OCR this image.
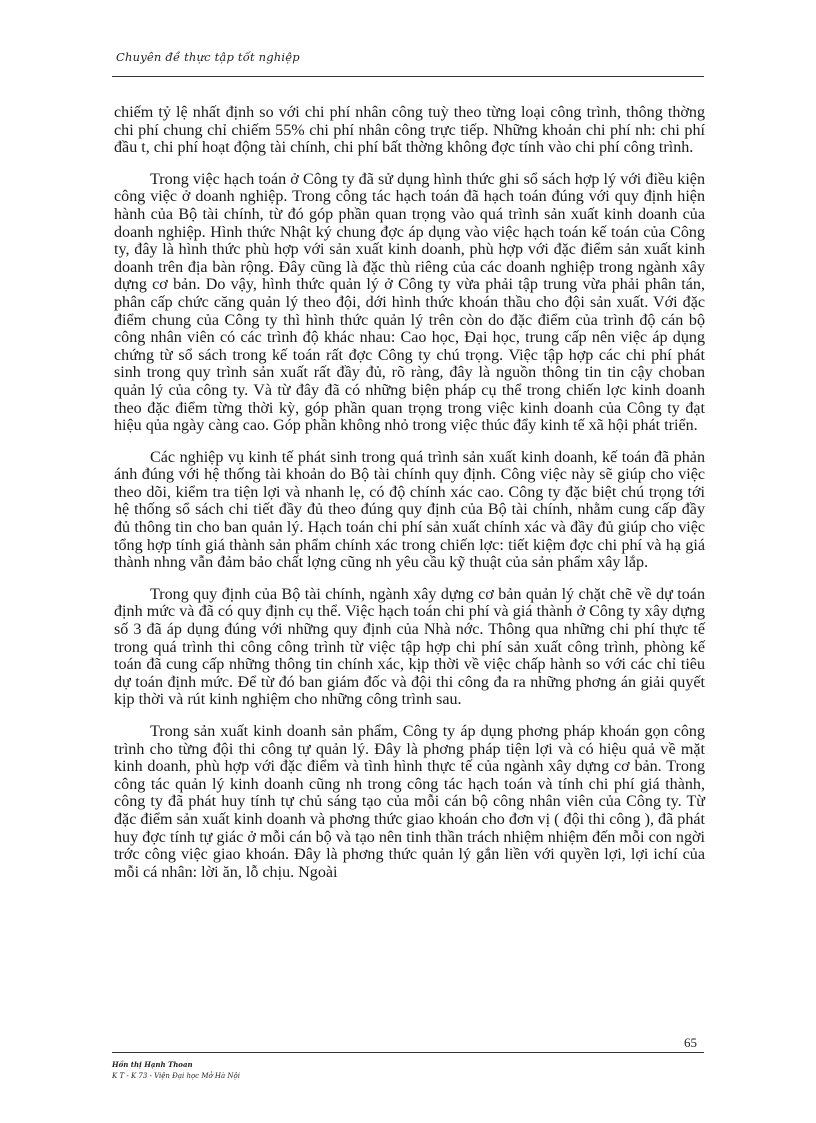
Chuyên đề thực tập tốt nghiệp

chiếm tỷ lệ nhất định so với chi phí nhân công tuỳ theo từng loại công trình, thông thờng chi phí chung chỉ chiếm 55% chi phí nhân công trực tiếp. Những khoản chi phí nh: chi phí đầu t, chi phí hoạt động tài chính, chi phí bất thờng không đợc tính vào chi phí công trình.

Trong việc hạch toán ở Công ty đã sử dụng hình thức ghi sổ sách hợp lý với điều kiện công việc ở doanh nghiệp. Trong công tác hạch toán đã hạch toán đúng với quy định hiện hành của Bộ tài chính, từ đó góp phần quan trọng vào quá trình sản xuất kinh doanh của doanh nghiệp. Hình thức Nhật ký chung đợc áp dụng vào việc hạch toán kế toán của Công ty, đây là hình thức phù hợp với sản xuất kinh doanh, phù hợp với đặc điểm sản xuất kinh doanh trên địa bàn rộng. Đây cũng là đặc thù riêng của các doanh nghiệp trong ngành xây dựng cơ bản. Do vậy, hình thức quản lý ở Công ty vừa phải tập trung vừa phải phân tán, phân cấp chức căng quản lý theo đội, dới hình thức khoán thầu cho đội sản xuất. Với đặc điểm chung của Công ty thì hình thức quản lý trên còn do đặc điểm của trình độ cán bộ công nhân viên có các trình độ khác nhau: Cao học, Đại học, trung cấp nên việc áp dụng chứng từ sổ sách trong kế toán rất đợc Công ty chú trọng. Việc tập hợp các chi phí phát sinh trong quy trình sản xuất rất đầy đủ, rõ ràng, đây là nguồn thông tin tin cậy choban quản lý của công ty. Và từ đây đã có những biện pháp cụ thể trong chiến lợc kinh doanh theo đặc điểm từng thời kỳ, góp phần quan trọng trong việc kinh doanh của Công ty đạt hiệu qủa ngày càng cao. Góp phần không nhỏ trong việc thúc đẩy kinh tế xã hội phát triển.

Các nghiệp vụ kinh tế phát sinh trong quá trình sản xuất kinh doanh, kế toán đã phản ánh đúng với hệ thống tài khoản do Bộ tài chính quy định. Công việc này sẽ giúp cho việc theo dõi, kiểm tra tiện lợi và nhanh lẹ, có độ chính xác cao. Công ty đặc biệt chú trọng tới hệ thống sổ sách chi tiết đầy đủ theo đúng quy định của Bộ tài chính, nhằm cung cấp đầy đủ thông tin cho ban quản lý. Hạch toán chi phí sản xuất chính xác và đầy đủ giúp cho việc tổng hợp tính giá thành sản phẩm chính xác trong chiến lợc: tiết kiệm đợc chi phí và hạ giá thành nhng vẫn đảm bảo chất lợng cũng nh yêu cầu kỹ thuật của sản phẩm xây lắp.

Trong quy định của Bộ tài chính, ngành xây dựng cơ bản quản lý chặt chẽ về dự toán định mức và đã có quy định cụ thể. Việc hạch toán chi phí và giá thành ở Công ty xây dựng số 3 đã áp dụng đúng với những quy định của Nhà nớc. Thông qua những chi phí thực tế trong quá trình thi công công trình từ việc tập hợp chi phí sản xuất công trình, phòng kế toán đã cung cấp những thông tin chính xác, kịp thời về việc chấp hành so với các chỉ tiêu dự toán định mức. Để từ đó ban giám đốc và đội thi công đa ra những phơng án giải quyết kịp thời và rút kinh nghiệm cho những công trình sau.

Trong sản xuất kinh doanh sản phẩm, Công ty áp dụng phơng pháp khoán gọn công trình cho từng đội thi công tự quản lý. Đây là phơng pháp tiện lợi và có hiệu quả về mặt kinh doanh, phù hợp với đặc điểm và tình hình thực tế của ngành xây dựng cơ bản. Trong công tác quản lý kinh doanh cũng nh trong công tác hạch toán và tính chi phí giá thành, công ty đã phát huy tính tự chủ sáng tạo của mỗi cán bộ công nhân viên của Công ty. Từ đặc điểm sản xuất kinh doanh và phơng thức giao khoán cho đơn vị ( đội thi công ), đã phát huy đợc tính tự giác ở mỗi cán bộ và tạo nên tinh thần trách nhiệm nhiệm đến mỗi con ngời trớc công việc giao khoán. Đây là phơng thức quản lý gắn liền với quyền lợi, lợi ichí của mỗi cá nhân: lời ăn, lỗ chịu. Ngoài

65
Hồn thị Hạnh Thoan
K T - K 73 - Viện Đại học Mở Hà Nội
